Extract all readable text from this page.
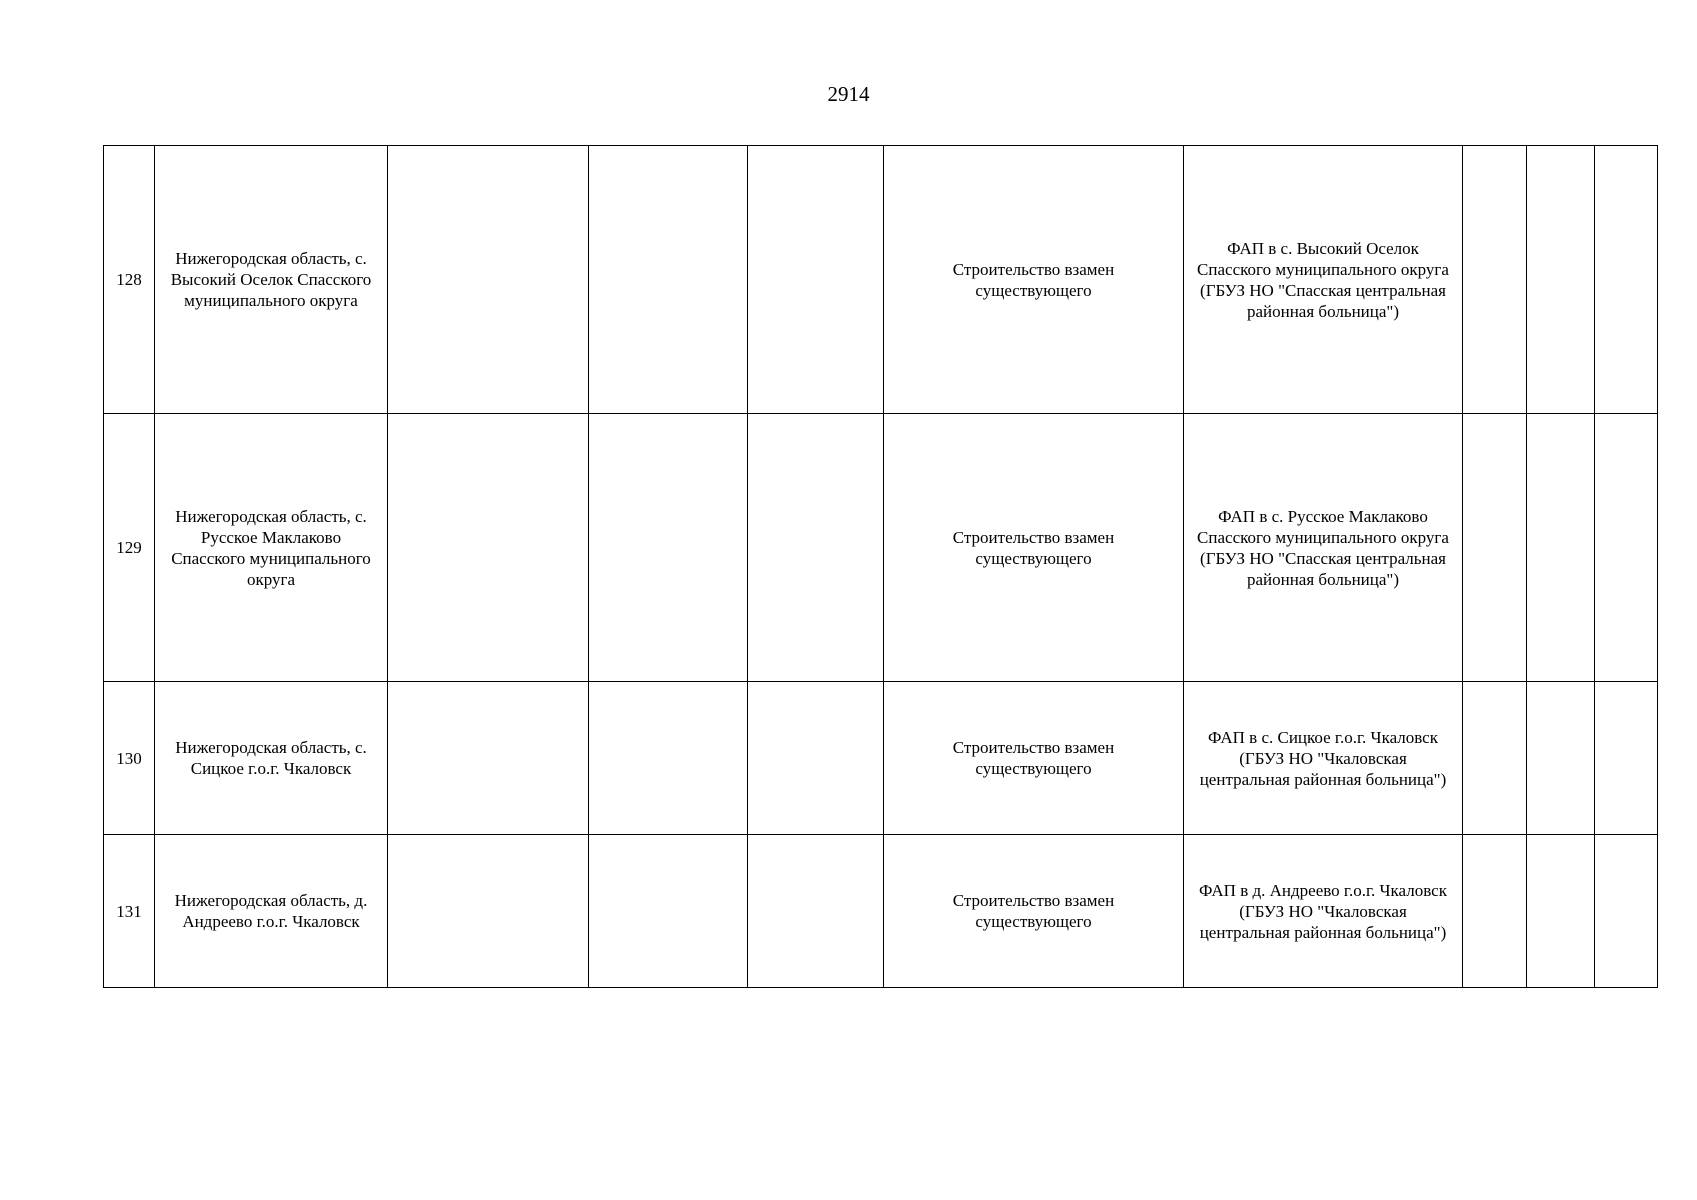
2914
128	Нижегородская область, с. Высокий Оселок Спасского муниципального округа				Строительство взамен существующего	ФАП в с. Высокий Оселок Спасского муниципального округа (ГБУЗ НО "Спасская центральная районная больница")			
129	Нижегородская область, с. Русское Маклаково Спасского муниципального округа				Строительство взамен существующего	ФАП в с. Русское Маклаково Спасского муниципального округа (ГБУЗ НО "Спасская центральная районная больница")			
130	Нижегородская область, с. Сицкое г.о.г. Чкаловск				Строительство взамен существующего	ФАП в с. Сицкое г.о.г. Чкаловск (ГБУЗ НО "Чкаловская центральная районная больница")			
131	Нижегородская область, д. Андреево г.о.г. Чкаловск				Строительство взамен существующего	ФАП в д. Андреево г.о.г. Чкаловск (ГБУЗ НО "Чкаловская центральная районная больница")			
